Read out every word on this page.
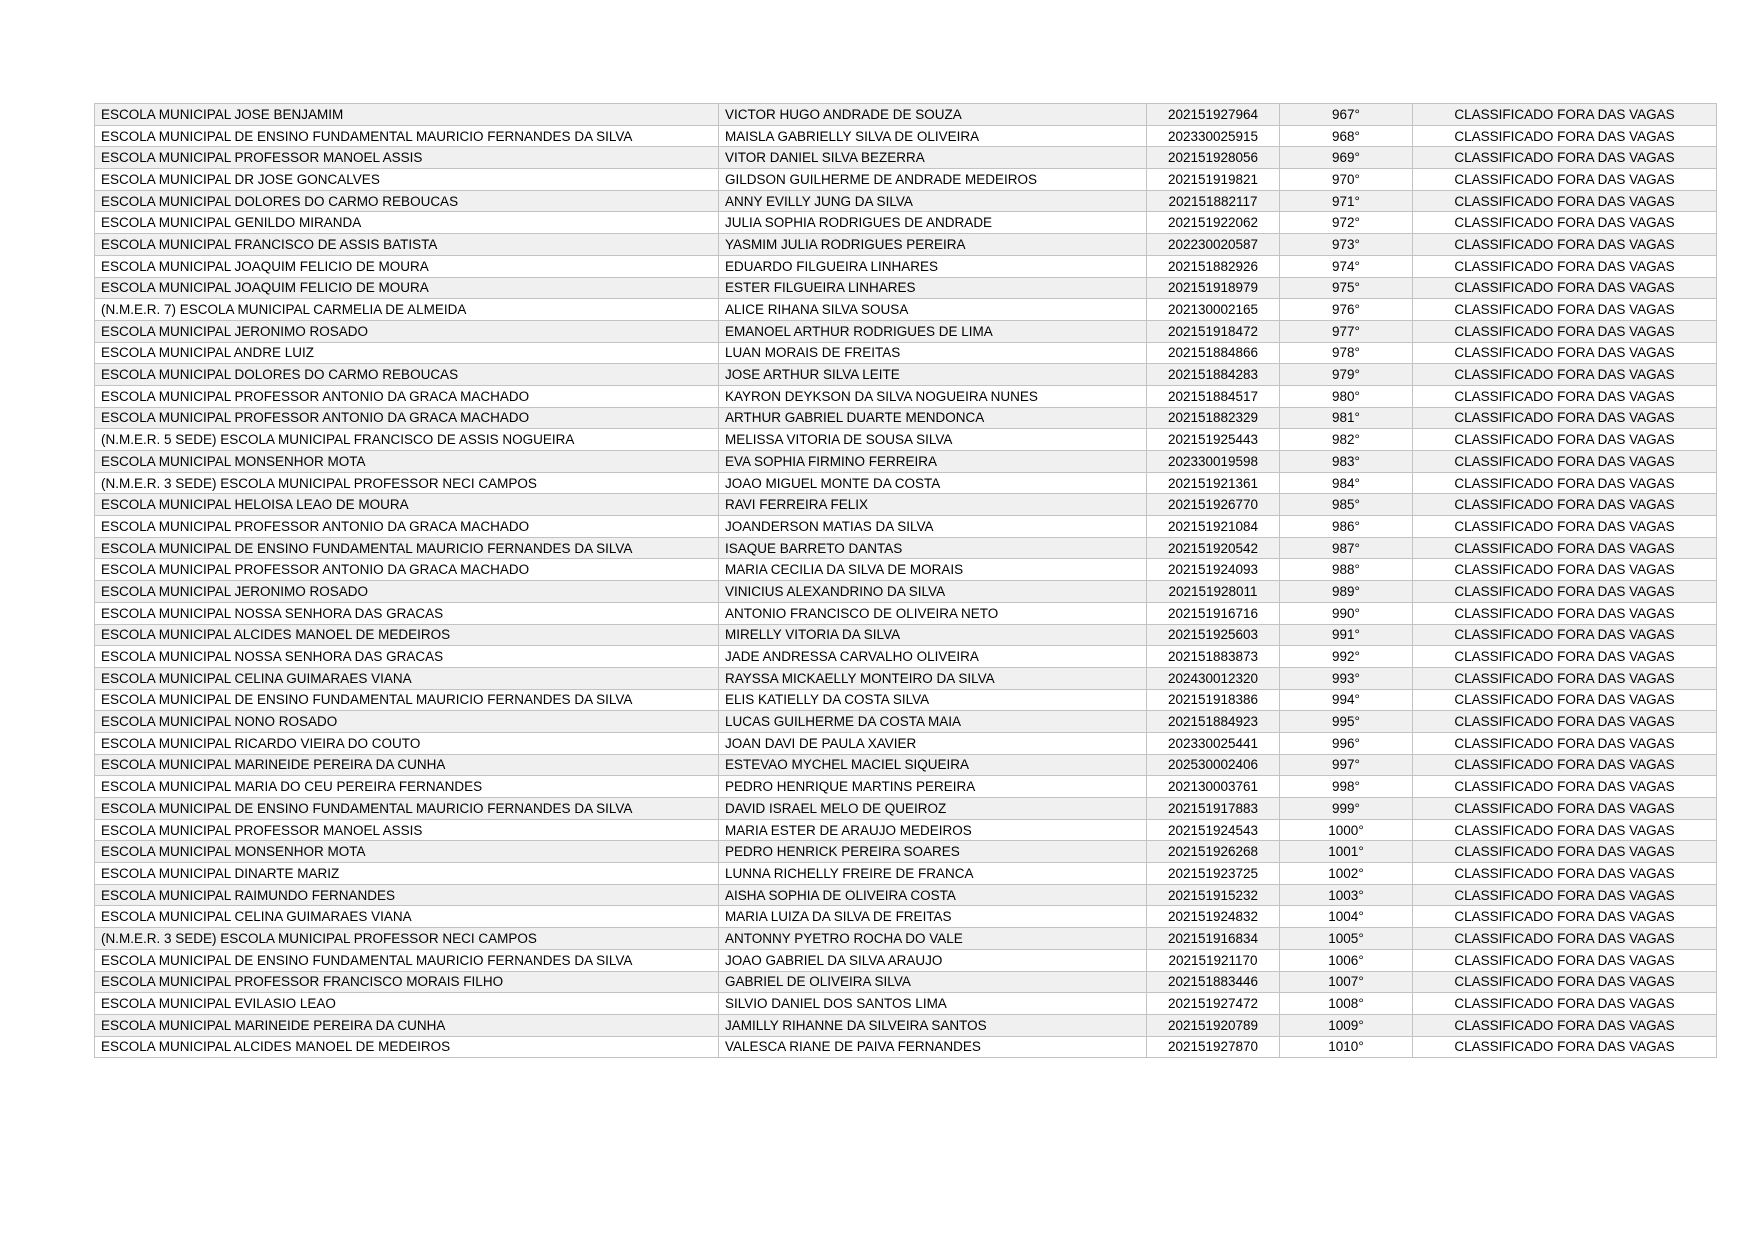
ESCOLA MUNICIPAL JOSE BENJAMIM	VICTOR HUGO ANDRADE DE SOUZA	202151927964	967°	CLASSIFICADO FORA DAS VAGAS
ESCOLA MUNICIPAL DE ENSINO FUNDAMENTAL MAURICIO FERNANDES DA SILVA	MAISLA GABRIELLY SILVA DE OLIVEIRA	202330025915	968°	CLASSIFICADO FORA DAS VAGAS
ESCOLA MUNICIPAL PROFESSOR MANOEL ASSIS	VITOR DANIEL SILVA BEZERRA	202151928056	969°	CLASSIFICADO FORA DAS VAGAS
ESCOLA MUNICIPAL DR JOSE GONCALVES	GILDSON GUILHERME DE ANDRADE MEDEIROS	202151919821	970°	CLASSIFICADO FORA DAS VAGAS
ESCOLA MUNICIPAL DOLORES DO CARMO REBOUCAS	ANNY EVILLY JUNG DA SILVA	202151882117	971°	CLASSIFICADO FORA DAS VAGAS
ESCOLA MUNICIPAL GENILDO MIRANDA	JULIA SOPHIA RODRIGUES DE ANDRADE	202151922062	972°	CLASSIFICADO FORA DAS VAGAS
ESCOLA MUNICIPAL FRANCISCO DE ASSIS BATISTA	YASMIM JULIA RODRIGUES PEREIRA	202230020587	973°	CLASSIFICADO FORA DAS VAGAS
ESCOLA MUNICIPAL JOAQUIM FELICIO DE MOURA	EDUARDO FILGUEIRA LINHARES	202151882926	974°	CLASSIFICADO FORA DAS VAGAS
ESCOLA MUNICIPAL JOAQUIM FELICIO DE MOURA	ESTER FILGUEIRA LINHARES	202151918979	975°	CLASSIFICADO FORA DAS VAGAS
(N.M.E.R. 7) ESCOLA MUNICIPAL CARMELIA DE ALMEIDA	ALICE RIHANA SILVA SOUSA	202130002165	976°	CLASSIFICADO FORA DAS VAGAS
ESCOLA MUNICIPAL JERONIMO ROSADO	EMANOEL ARTHUR RODRIGUES DE LIMA	202151918472	977°	CLASSIFICADO FORA DAS VAGAS
ESCOLA MUNICIPAL ANDRE LUIZ	LUAN MORAIS DE FREITAS	202151884866	978°	CLASSIFICADO FORA DAS VAGAS
ESCOLA MUNICIPAL DOLORES DO CARMO REBOUCAS	JOSE ARTHUR SILVA LEITE	202151884283	979°	CLASSIFICADO FORA DAS VAGAS
ESCOLA MUNICIPAL PROFESSOR ANTONIO DA GRACA MACHADO	KAYRON DEYKSON DA SILVA NOGUEIRA NUNES	202151884517	980°	CLASSIFICADO FORA DAS VAGAS
ESCOLA MUNICIPAL PROFESSOR ANTONIO DA GRACA MACHADO	ARTHUR GABRIEL DUARTE MENDONCA	202151882329	981°	CLASSIFICADO FORA DAS VAGAS
(N.M.E.R. 5 SEDE) ESCOLA MUNICIPAL FRANCISCO DE ASSIS NOGUEIRA	MELISSA VITORIA DE SOUSA SILVA	202151925443	982°	CLASSIFICADO FORA DAS VAGAS
ESCOLA MUNICIPAL MONSENHOR MOTA	EVA SOPHIA FIRMINO FERREIRA	202330019598	983°	CLASSIFICADO FORA DAS VAGAS
(N.M.E.R. 3 SEDE) ESCOLA MUNICIPAL PROFESSOR NECI CAMPOS	JOAO MIGUEL MONTE DA COSTA	202151921361	984°	CLASSIFICADO FORA DAS VAGAS
ESCOLA MUNICIPAL HELOISA LEAO DE MOURA	RAVI FERREIRA FELIX	202151926770	985°	CLASSIFICADO FORA DAS VAGAS
ESCOLA MUNICIPAL PROFESSOR ANTONIO DA GRACA MACHADO	JOANDERSON MATIAS DA SILVA	202151921084	986°	CLASSIFICADO FORA DAS VAGAS
ESCOLA MUNICIPAL DE ENSINO FUNDAMENTAL MAURICIO FERNANDES DA SILVA	ISAQUE BARRETO DANTAS	202151920542	987°	CLASSIFICADO FORA DAS VAGAS
ESCOLA MUNICIPAL PROFESSOR ANTONIO DA GRACA MACHADO	MARIA CECILIA DA SILVA DE MORAIS	202151924093	988°	CLASSIFICADO FORA DAS VAGAS
ESCOLA MUNICIPAL JERONIMO ROSADO	VINICIUS ALEXANDRINO DA SILVA	202151928011	989°	CLASSIFICADO FORA DAS VAGAS
ESCOLA MUNICIPAL NOSSA SENHORA DAS GRACAS	ANTONIO FRANCISCO DE OLIVEIRA NETO	202151916716	990°	CLASSIFICADO FORA DAS VAGAS
ESCOLA MUNICIPAL ALCIDES MANOEL DE MEDEIROS	MIRELLY VITORIA DA SILVA	202151925603	991°	CLASSIFICADO FORA DAS VAGAS
ESCOLA MUNICIPAL NOSSA SENHORA DAS GRACAS	JADE ANDRESSA CARVALHO OLIVEIRA	202151883873	992°	CLASSIFICADO FORA DAS VAGAS
ESCOLA MUNICIPAL CELINA GUIMARAES VIANA	RAYSSA MICKAELLY MONTEIRO DA SILVA	202430012320	993°	CLASSIFICADO FORA DAS VAGAS
ESCOLA MUNICIPAL DE ENSINO FUNDAMENTAL MAURICIO FERNANDES DA SILVA	ELIS KATIELLY DA COSTA SILVA	202151918386	994°	CLASSIFICADO FORA DAS VAGAS
ESCOLA MUNICIPAL NONO ROSADO	LUCAS GUILHERME DA COSTA MAIA	202151884923	995°	CLASSIFICADO FORA DAS VAGAS
ESCOLA MUNICIPAL RICARDO VIEIRA DO COUTO	JOAN DAVI DE PAULA XAVIER	202330025441	996°	CLASSIFICADO FORA DAS VAGAS
ESCOLA MUNICIPAL MARINEIDE PEREIRA DA CUNHA	ESTEVAO MYCHEL MACIEL SIQUEIRA	202530002406	997°	CLASSIFICADO FORA DAS VAGAS
ESCOLA MUNICIPAL MARIA DO CEU PEREIRA FERNANDES	PEDRO HENRIQUE MARTINS PEREIRA	202130003761	998°	CLASSIFICADO FORA DAS VAGAS
ESCOLA MUNICIPAL DE ENSINO FUNDAMENTAL MAURICIO FERNANDES DA SILVA	DAVID ISRAEL MELO DE QUEIROZ	202151917883	999°	CLASSIFICADO FORA DAS VAGAS
ESCOLA MUNICIPAL PROFESSOR MANOEL ASSIS	MARIA ESTER DE ARAUJO MEDEIROS	202151924543	1000°	CLASSIFICADO FORA DAS VAGAS
ESCOLA MUNICIPAL MONSENHOR MOTA	PEDRO HENRICK PEREIRA SOARES	202151926268	1001°	CLASSIFICADO FORA DAS VAGAS
ESCOLA MUNICIPAL DINARTE MARIZ	LUNNA RICHELLY FREIRE DE FRANCA	202151923725	1002°	CLASSIFICADO FORA DAS VAGAS
ESCOLA MUNICIPAL RAIMUNDO FERNANDES	AISHA SOPHIA DE OLIVEIRA COSTA	202151915232	1003°	CLASSIFICADO FORA DAS VAGAS
ESCOLA MUNICIPAL CELINA GUIMARAES VIANA	MARIA LUIZA DA SILVA DE FREITAS	202151924832	1004°	CLASSIFICADO FORA DAS VAGAS
(N.M.E.R. 3 SEDE) ESCOLA MUNICIPAL PROFESSOR NECI CAMPOS	ANTONNY PYETRO ROCHA DO VALE	202151916834	1005°	CLASSIFICADO FORA DAS VAGAS
ESCOLA MUNICIPAL DE ENSINO FUNDAMENTAL MAURICIO FERNANDES DA SILVA	JOAO GABRIEL DA SILVA ARAUJO	202151921170	1006°	CLASSIFICADO FORA DAS VAGAS
ESCOLA MUNICIPAL PROFESSOR FRANCISCO MORAIS FILHO	GABRIEL DE OLIVEIRA SILVA	202151883446	1007°	CLASSIFICADO FORA DAS VAGAS
ESCOLA MUNICIPAL EVILASIO LEAO	SILVIO DANIEL DOS SANTOS LIMA	202151927472	1008°	CLASSIFICADO FORA DAS VAGAS
ESCOLA MUNICIPAL MARINEIDE PEREIRA DA CUNHA	JAMILLY RIHANNE DA SILVEIRA SANTOS	202151920789	1009°	CLASSIFICADO FORA DAS VAGAS
ESCOLA MUNICIPAL ALCIDES MANOEL DE MEDEIROS	VALESCA RIANE DE PAIVA FERNANDES	202151927870	1010°	CLASSIFICADO FORA DAS VAGAS
